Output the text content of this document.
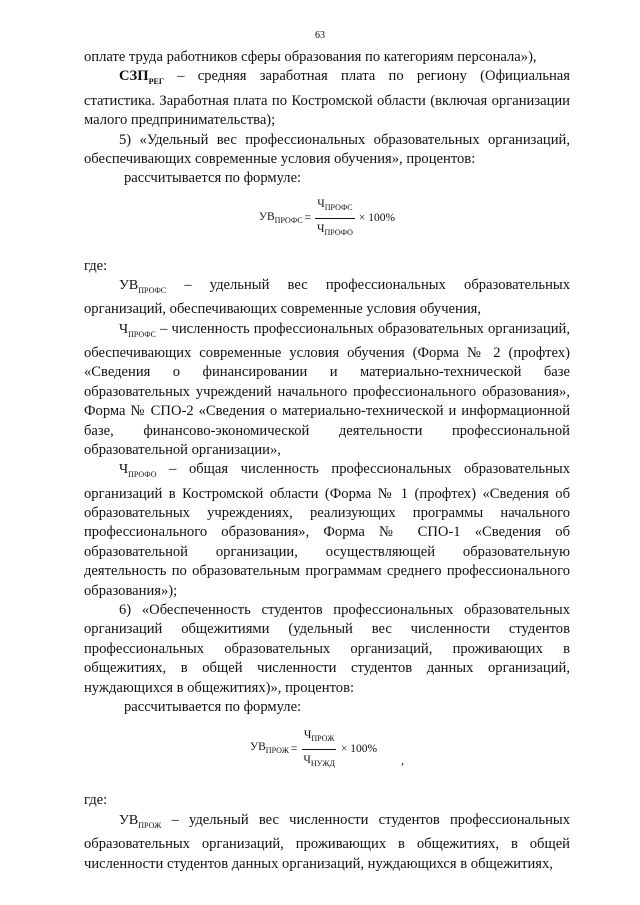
63

оплате труда работников сферы образования по категориям персонала»),

$СЗП_{РЕГ}$ – средняя заработная плата по региону (Официальная статистика. Заработная плата по Костромской области (включая организации малого предпринимательства);

5) «Удельный вес профессиональных образовательных организаций, обеспечивающих современные условия обучения», процентов:

рассчитывается по формуле:

$УВ_{ПРОФС} = \frac{Ч_{ПРОФС}}{Ч_{ПРОФО}} \times 100\%$

где:

$УВ_{ПРОФС}$ – удельный вес профессиональных образовательных организаций, обеспечивающих современные условия обучения,

$Ч_{ПРОФС}$ – численность профессиональных образовательных организаций, обеспечивающих современные условия обучения (Форма № 2 (профтех) «Сведения о финансировании и материально-технической базе образовательных учреждений начального профессионального образования», Форма № СПО-2 «Сведения о материально-технической и информационной базе, финансово-экономической деятельности профессиональной образовательной организации»,

$Ч_{ПРОФО}$ – общая численность профессиональных образовательных организаций в Костромской области (Форма № 1 (профтех) «Сведения об образовательных учреждениях, реализующих программы начального профессионального образования», Форма № СПО-1 «Сведения об образовательной организации, осуществляющей образовательную деятельность по образовательным программам среднего профессионального образования»);

6) «Обеспеченность студентов профессиональных образовательных организаций общежитиями (удельный вес численности студентов профессиональных образовательных организаций, проживающих в общежитиях, в общей численности студентов данных организаций, нуждающихся в общежитиях)», процентов:

рассчитывается по формуле:

$УВ_{ПРОЖ} = \frac{Ч_{ПРОЖ}}{Ч_{НУЖД}} \times 100\%$
,

где:

$УВ_{ПРОЖ}$ – удельный вес численности студентов профессиональных образовательных организаций, проживающих в общежитиях, в общей численности студентов данных организаций, нуждающихся в общежитиях,
